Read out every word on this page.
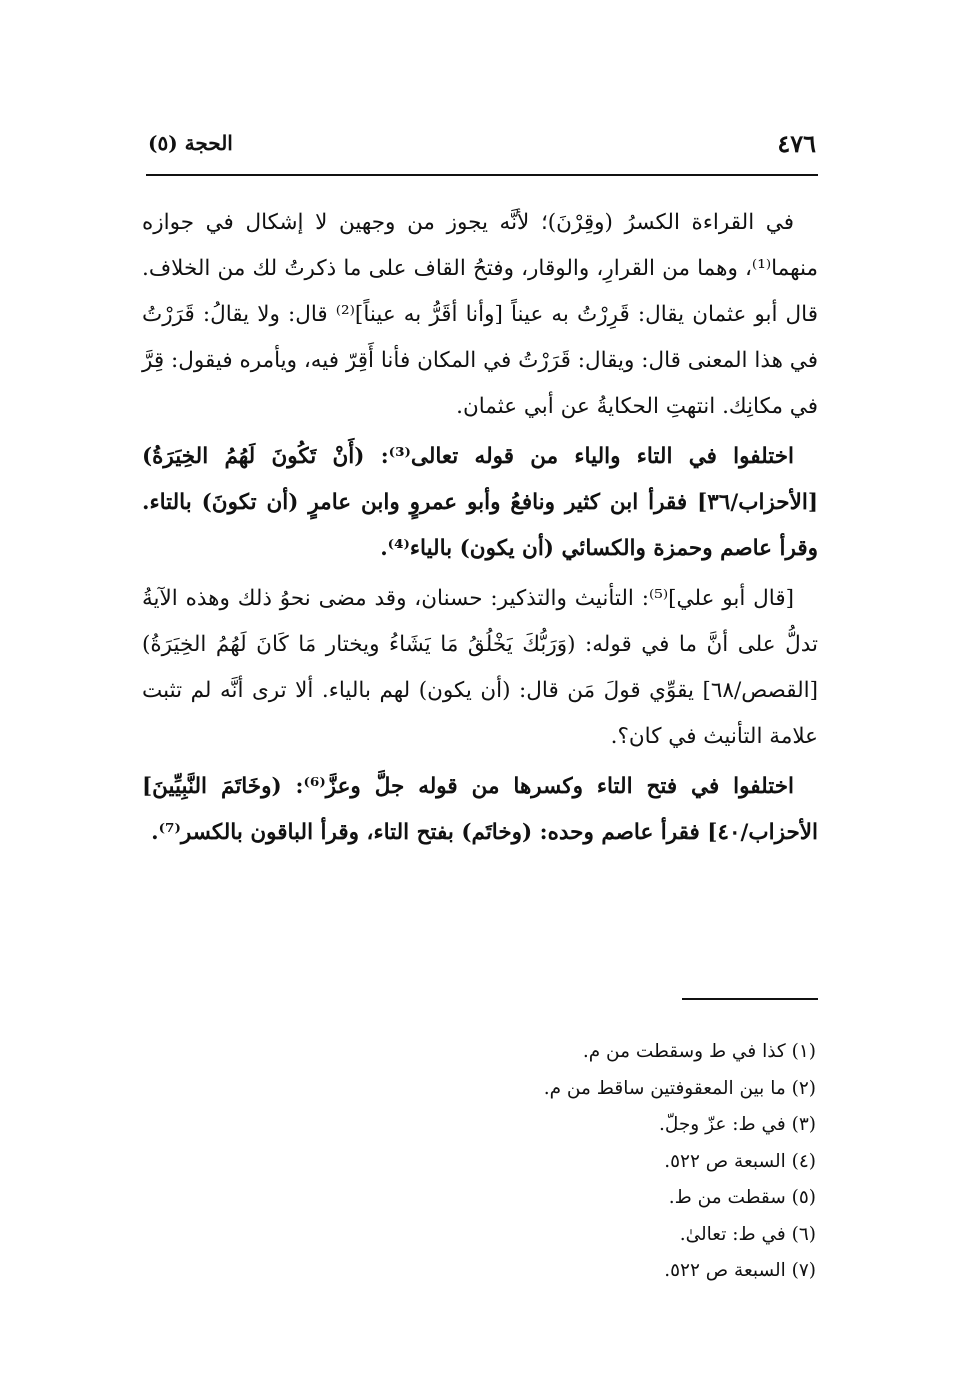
٤٧٦
الحجة (٥)

في القراءة الكسرُ (وقِرْنَ)؛ لأنَّه يجوز من وجهين لا إشكال في جوازه منهما⁽¹⁾، وهما من القرارِ، والوقار، وفتحُ القاف على ما ذكرتُ لك من الخلاف. قال أبو عثمان يقال: قَرِرْتُ به عيناً [وأنا أقَرُّ به عيناً]⁽²⁾ قال: ولا يقالُ: قَرَرْتُ في هذا المعنى قال: ويقال: قَرَرْتُ في المكان فأنا أَقِرّ فيه، ويأمره فيقول: قِرَّ في مكانِك. انتهتِ الحكايةُ عن أبي عثمان.

اختلفوا في التاء والياء من قوله تعالى⁽³⁾: (أَنْ تَكُونَ لَهُمُ الخِيَرَةُ) [الأحزاب/٣٦] فقرأ ابن كثير ونافعُ وأبو عمروٍ وابن عامرٍ (أن تكونَ) بالتاء. وقرأ عاصم وحمزة والكسائي (أن يكون) بالياء⁽⁴⁾.

[قال أبو علي]⁽⁵⁾: التأنيث والتذكير: حسنان، وقد مضى نحوُ ذلك وهذه الآيةُ تدلُّ على أنَّ ما في قوله: (وَرَبُّكَ يَخْلُقُ مَا يَشَاءُ ويختار مَا كَانَ لَهُمُ الخِيَرَةُ) [القصص/٦٨] يقوِّي قولَ مَن قال: (أن يكون) لهم بالياء. ألا ترى أنَّه لم تثبت علامة التأنيث في كان؟.

اختلفوا في فتح التاء وكسرها من قوله جلَّ وعزَّ⁽⁶⁾: (وخَاتَمَ النَّبِيِّينَ] الأحزاب/٤٠] فقرأ عاصم وحده: (وخاتَم) بفتح التاء، وقرأ الباقون بالكسر⁽⁷⁾.

(١) كذا في ط وسقطت من م.

(٢) ما بين المعقوفتين ساقط من م.

(٣) في ط: عزّ وجلّ.

(٤) السبعة ص ٥٢٢.

(٥) سقطت من ط.

(٦) في ط: تعالىٰ.

(٧) السبعة ص ٥٢٢.
